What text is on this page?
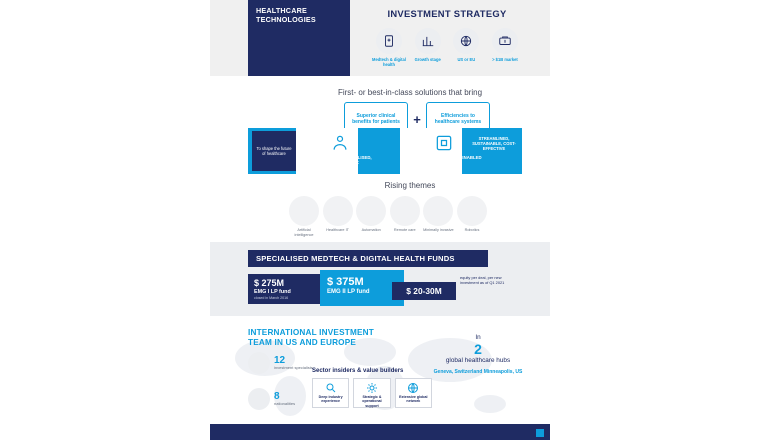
HEALTHCARE TECHNOLOGIES
INVESTMENT STRATEGY
Medtech & digital health
Growth stage	US or EU	> $1B market
First- or best-in-class solutions that bring
Superior clinical benefits for patients	+	Efficiencies to healthcare systems
To shape the future of healthcare
PREDICTIVE, PERSONALISED, PATIENT-CENTRIC
CONNECTED, DIGITAL, AI-ENABLED
STREAMLINED, SUSTAINABLE, COST-EFFECTIVE
Rising themes
Artificial intelligence
Healthcare IT	Automation	Remote care	Minimally invasive	Robotics
SPECIALISED MEDTECH & DIGITAL HEALTH FUNDS
$ 275M
EMG I LP fund
closed in March 2016
$ 375M
EMG II LP fund	$ 20-30M
equity per deal, per new investment as of Q1 2021
INTERNATIONAL INVESTMENT TEAM IN US AND EUROPE
In
2
global healthcare hubs
Geneva, Switzerland Minneapolis, US
12
investment specialists
8
nationalities
Sector insiders & value builders
Deep industry experience
Strategic & operational support
Extensive global network
